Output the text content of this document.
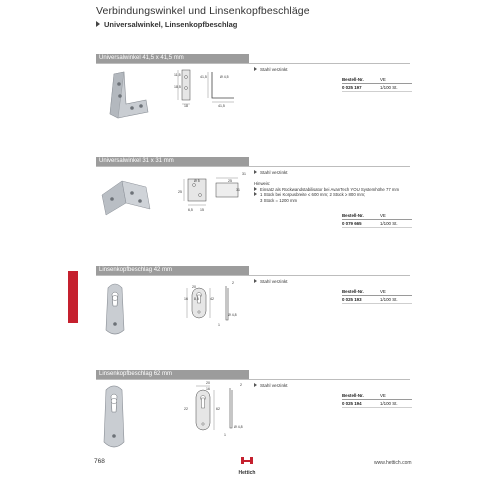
Verbindungswinkel und Linsenkopfbeschläge
Universalwinkel, Linsenkopfbeschlag
Universalwinkel 41,5 x 41,5 mm
11,5	41,5
18,5
Ø 4,5
41,5
18
Stahl verzinkt
Bestell-Nr.	VE
0 025 197	1/100 St.
Universalwinkel 31 x 31 mm
31
25
Ø 5
25	31
6,5 15
Stahl verzinkt
Hinweis:
Einsatz als Rückwandstabilisator bei AvanTech YOU Systemhöhe 77 mm
1 Stück bei Korpusbreite ≤ 600 mm; 2 Stück ≥ 800 mm;
3 Stück = 1200 mm
Bestell-Nr.	VE
0 079 665	1/100 St.
Linsenkopfbeschlag 42 mm
16
20
42
8,5
2
1
Ø 4,8
Stahl verzinkt
Bestell-Nr.	VE
0 025 193	1/100 St.
Linsenkopfbeschlag 62 mm
20
16
22	62
2
1
Ø 4,8
Stahl verzinkt
Bestell-Nr.	VE
0 025 194	1/100 St.
768
Hettich
www.hettich.com
